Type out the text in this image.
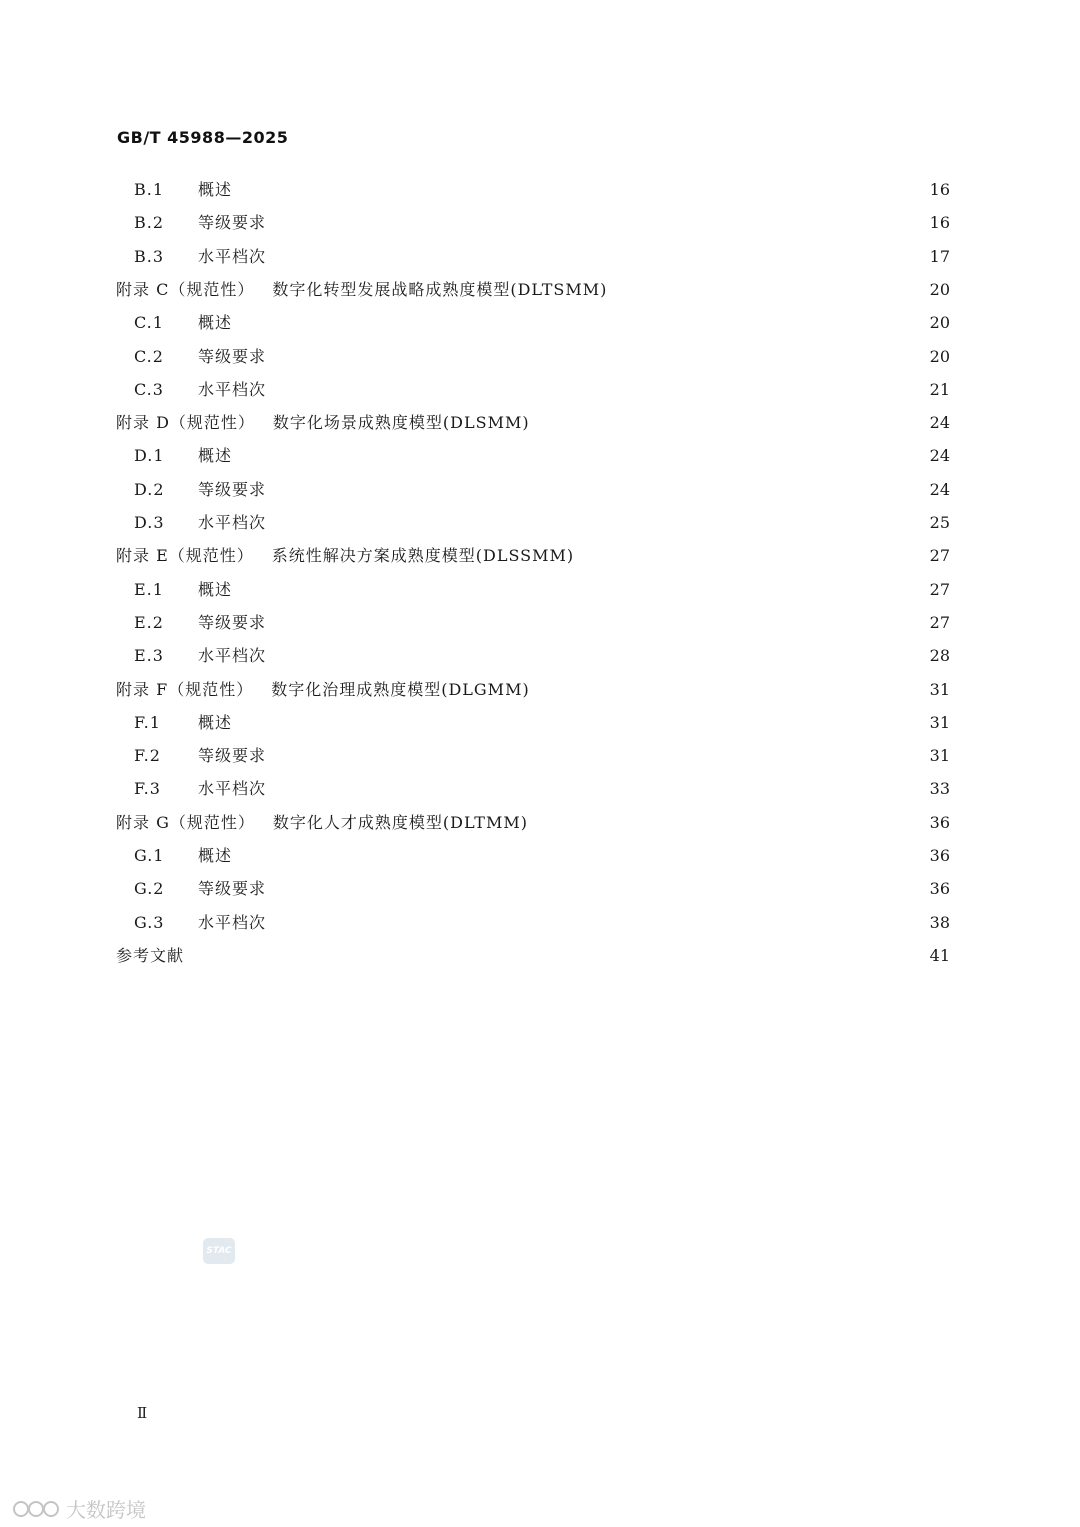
GB/T 45988—2025
B.1	概述	16
B.2	等级要求	16
B.3	水平档次	17
附录 C（规范性） 数字化转型发展战略成熟度模型(DLTSMM)	20
C.1	概述	20
C.2	等级要求	20
C.3	水平档次	21
附录 D（规范性） 数字化场景成熟度模型(DLSMM)	24
D.1	概述	24
D.2	等级要求	24
D.3	水平档次	25
附录 E（规范性） 系统性解决方案成熟度模型(DLSSMM)	27
E.1	概述	27
E.2	等级要求	27
E.3	水平档次	28
附录 F（规范性） 数字化治理成熟度模型(DLGMM)	31
F.1	概述	31
F.2	等级要求	31
F.3	水平档次	33
附录 G（规范性） 数字化人才成熟度模型(DLTMM)	36
G.1	概述	36
G.2	等级要求	36
G.3	水平档次	38
参考文献	41
STAC
Ⅱ
大数跨境
